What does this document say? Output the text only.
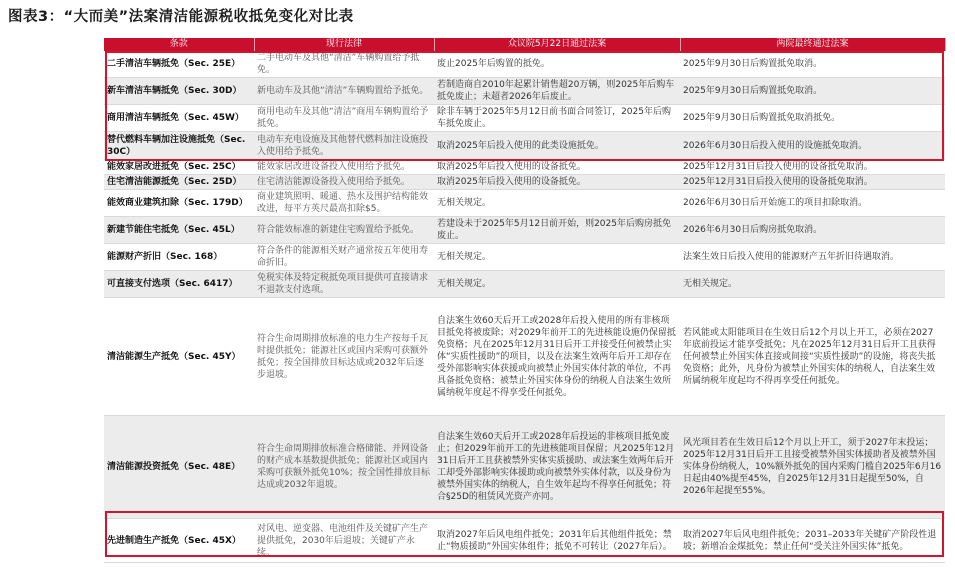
图表3：“大而美”法案清洁能源税收抵免变化对比表
条款	现行法律	众议院5月22日通过法案	两院最终通过法案
二手清洁车辆抵免（Sec. 25E）	二手电动车及其他“清洁”车辆购置给予抵免。	废止2025年后购置的抵免。	2025年9月30日后购置抵免取消。
新车清洁车辆抵免（Sec. 30D）	新电动车及其他“清洁”车辆购置给予抵免。	若制造商自2010年起累计销售超20万辆，则2025年后购车抵免废止；未超者2026年后废止。	2025年9月30日后购置抵免取消。
商用清洁车辆抵免（Sec. 45W）	商用电动车及其他“清洁”商用车辆购置给予抵免。	除非车辆于2025年5月12日前书面合同签订，2025年后购车抵免废止。	2025年9月30日后购置抵免取消抵免。
替代燃料车辆加注设施抵免（Sec. 30C）	电动车充电设施及其他替代燃料加注设施投入使用给予抵免。	取消2025年后投入使用的此类设施抵免。	2026年6月30日后投入使用的设施抵免取消。
能效家居改进抵免（Sec. 25C）	能效家居改进设备投入使用给予抵免。	取消2025年后投入使用的设备抵免。	2025年12月31日后投入使用的设备抵免取消。
住宅清洁能源抵免（Sec. 25D）	住宅清洁能源设备投入使用给予抵免。	取消2025年后投入使用的设备抵免。	2025年12月31日后投入使用的设备抵免取消。
能效商业建筑扣除（Sec. 179D）	商业建筑照明、暖通、热水及围护结构能效改进，每平方英尺最高扣除$5。	无相关规定。	2026年6月30日后开始施工的项目扣除取消。
新建节能住宅抵免（Sec. 45L）	符合能效标准的新建住宅购置给予抵免。	若建设未于2025年5月12日前开始，则2025年后购房抵免废止。	2026年6月30日后购房抵免取消。
能源财产折旧（Sec. 168）	符合条件的能源相关财产通常按五年使用寿命折旧。	无相关规定。	法案生效日后投入使用的能源财产五年折旧待遇取消。
可直接支付选项（Sec. 6417）	免税实体及特定税抵免项目提供可直接请求不退款支付选项。	无相关规定。	无相关规定。
清洁能源生产抵免（Sec. 45Y）	符合生命周期排放标准的电力生产按每千瓦时提供抵免；能源社区或国内采购可获额外抵免；按全国排放目标达成或2032年后逐步退坡。	自法案生效60天后开工或2028年后投入使用的所有非核项目抵免将被废除；对2029年前开工的先进核能设施仍保留抵免资格；凡在2025年12月31日后开工并接受任何被禁止实体“实质性援助”的项目，以及在法案生效两年后开工却存在受外部影响实体获援或向被禁止外国实体付款的单位，不再具备抵免资格；被禁止外国实体身份的纳税人自法案生效所属纳税年度起不得享受任何抵免。	若风能或太阳能项目在生效日后12个月以上开工，必须在2027年底前投运才能享受抵免；凡在2025年12月31日后开工且获得任何被禁止外国实体直接或间接“实质性援助”的设施，将丧失抵免资格；此外，凡身份为被禁止外国实体的纳税人，自法案生效所属纳税年度起均不得再享受任何抵免。
清洁能源投资抵免（Sec. 48E）	符合生命周期排放标准合格储能、并网设备的财产成本基数提供抵免；能源社区或国内采购可获额外抵免10%；按全国性排放目标达成或2032年退坡。	自法案生效60天后开工或2028年后投运的非核项目抵免废止；但2029年前开工的先进核能项目保留；凡2025年12月31日后开工且获被禁外实体实质援助、或法案生效两年后开工却受外部影响实体援助或向被禁外实体付款，以及身份为被禁外国实体的纳税人，自生效年起均不得享任何抵免；符合§25D的租赁风光资产亦同。	风光项目若在生效日后12个月以上开工，须于2027年末投运；2025年12月31日后开工且接受被禁外国实体援助者及被禁外国实体身份纳税人，10%额外抵免的国内采购门槛自2025年6月16日起由40%提至45%，自2025年12月31日起提至50%，自2026年起提至55%。
先进制造生产抵免（Sec. 45X）	对风电、逆变器、电池组件及关键矿产生产提供抵免，2030年后退坡；关键矿产永续。	取消2027年后风电组件抵免；2031年后其他组件抵免；禁止“物质援助”外国实体组件；抵免不可转让（2027年后）。	取消2027年后风电组件抵免；2031–2033年关键矿产阶段性退坡；新增冶金煤抵免；禁止任何“受关注外国实体”抵免。
